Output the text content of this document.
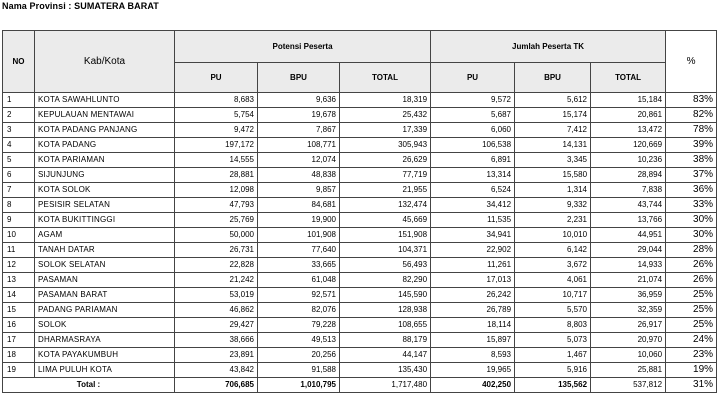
Nama Provinsi : SUMATERA BARAT
NO	Kab/Kota	Potensi Peserta			Jumlah Peserta TK			%
		PU	BPU	TOTAL	PU	BPU	TOTAL	
1	KOTA SAWAHLUNTO	8,683	9,636	18,319	9,572	5,612	15,184	83%
2	KEPULAUAN MENTAWAI	5,754	19,678	25,432	5,687	15,174	20,861	82%
3	KOTA PADANG PANJANG	9,472	7,867	17,339	6,060	7,412	13,472	78%
4	KOTA PADANG	197,172	108,771	305,943	106,538	14,131	120,669	39%
5	KOTA PARIAMAN	14,555	12,074	26,629	6,891	3,345	10,236	38%
6	SIJUNJUNG	28,881	48,838	77,719	13,314	15,580	28,894	37%
7	KOTA SOLOK	12,098	9,857	21,955	6,524	1,314	7,838	36%
8	PESISIR SELATAN	47,793	84,681	132,474	34,412	9,332	43,744	33%
9	KOTA BUKITTINGGI	25,769	19,900	45,669	11,535	2,231	13,766	30%
10	AGAM	50,000	101,908	151,908	34,941	10,010	44,951	30%
11	TANAH DATAR	26,731	77,640	104,371	22,902	6,142	29,044	28%
12	SOLOK SELATAN	22,828	33,665	56,493	11,261	3,672	14,933	26%
13	PASAMAN	21,242	61,048	82,290	17,013	4,061	21,074	26%
14	PASAMAN BARAT	53,019	92,571	145,590	26,242	10,717	36,959	25%
15	PADANG PARIAMAN	46,862	82,076	128,938	26,789	5,570	32,359	25%
16	SOLOK	29,427	79,228	108,655	18,114	8,803	26,917	25%
17	DHARMASRAYA	38,666	49,513	88,179	15,897	5,073	20,970	24%
18	KOTA PAYAKUMBUH	23,891	20,256	44,147	8,593	1,467	10,060	23%
19	LIMA PULUH KOTA	43,842	91,588	135,430	19,965	5,916	25,881	19%
Total :		706,685	1,010,795	1,717,480	402,250	135,562	537,812	31%
